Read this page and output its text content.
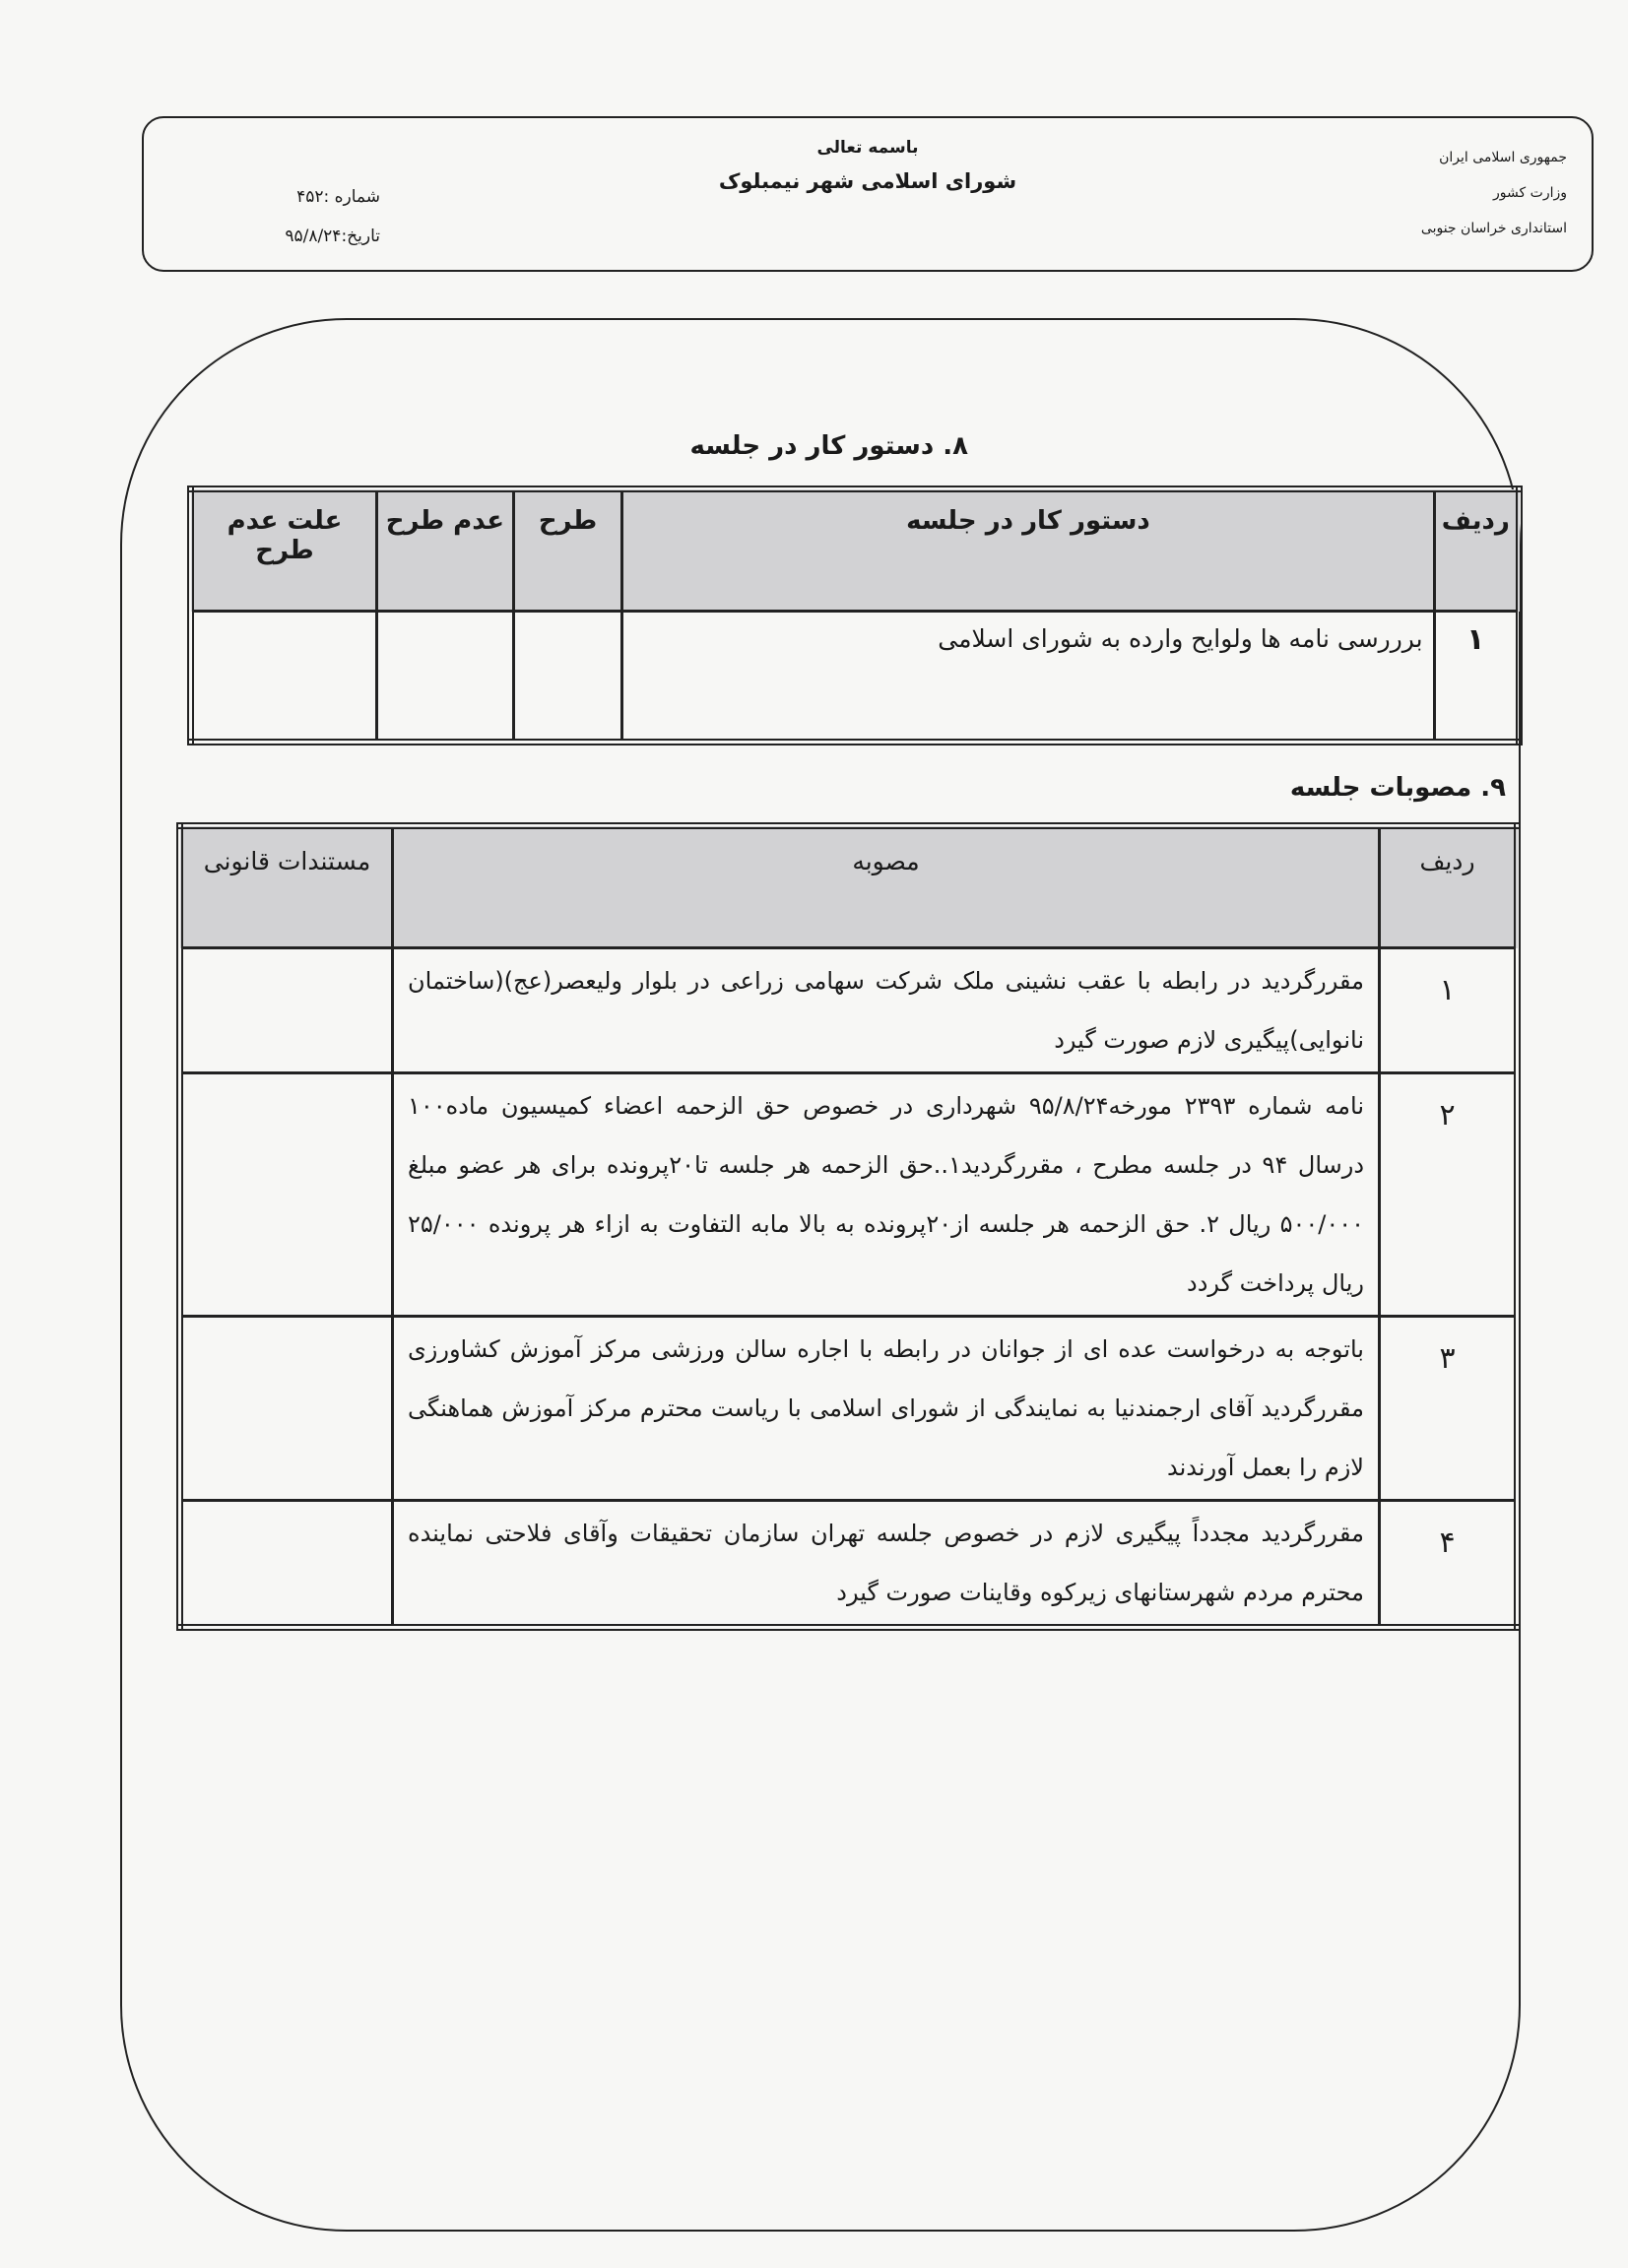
جمهوری اسلامی ایران
وزارت کشور
استانداری خراسان جنوبی
باسمه تعالی
شورای اسلامی شهر نیمبلوک
شماره :۴۵۲
تاریخ:۹۵/۸/۲۴
۸. دستور کار در جلسه
ردیف	دستور کار در جلسه	طرح	عدم طرح	علت عدم طرح
۱	برررسی نامه ها ولوایح وارده به شورای اسلامی			
۹. مصوبات جلسه
ردیف	مصوبه	مستندات قانونی
۱	مقررگردید در رابطه با عقب نشینی ملک شرکت سهامی زراعی در بلوار ولیعصر(عج)(ساختمان نانوایی)پیگیری لازم صورت گیرد	
۲	نامه شماره ۲۳۹۳ مورخه۹۵/۸/۲۴ شهرداری در خصوص حق الزحمه اعضاء کمیسیون ماده۱۰۰ درسال ۹۴ در جلسه مطرح ، مقررگردید۱..حق الزحمه هر جلسه تا۲۰پرونده برای هر عضو مبلغ ۵۰۰/۰۰۰ ریال ۲. حق الزحمه هر جلسه از۲۰پرونده به بالا مابه التفاوت به ازاء هر پرونده ۲۵/۰۰۰ ریال پرداخت گردد	
۳	باتوجه به درخواست عده ای از جوانان در رابطه با اجاره سالن ورزشی مرکز آموزش کشاورزی مقررگردید آقای ارجمندنیا به نمایندگی از شورای اسلامی با ریاست محترم مرکز آموزش هماهنگی لازم را بعمل آورندند	
۴	مقررگردید مجدداً پیگیری لازم در خصوص جلسه تهران سازمان تحقیقات وآقای فلاحتی نماینده محترم مردم شهرستانهای زیرکوه وقاینات صورت گیرد	
